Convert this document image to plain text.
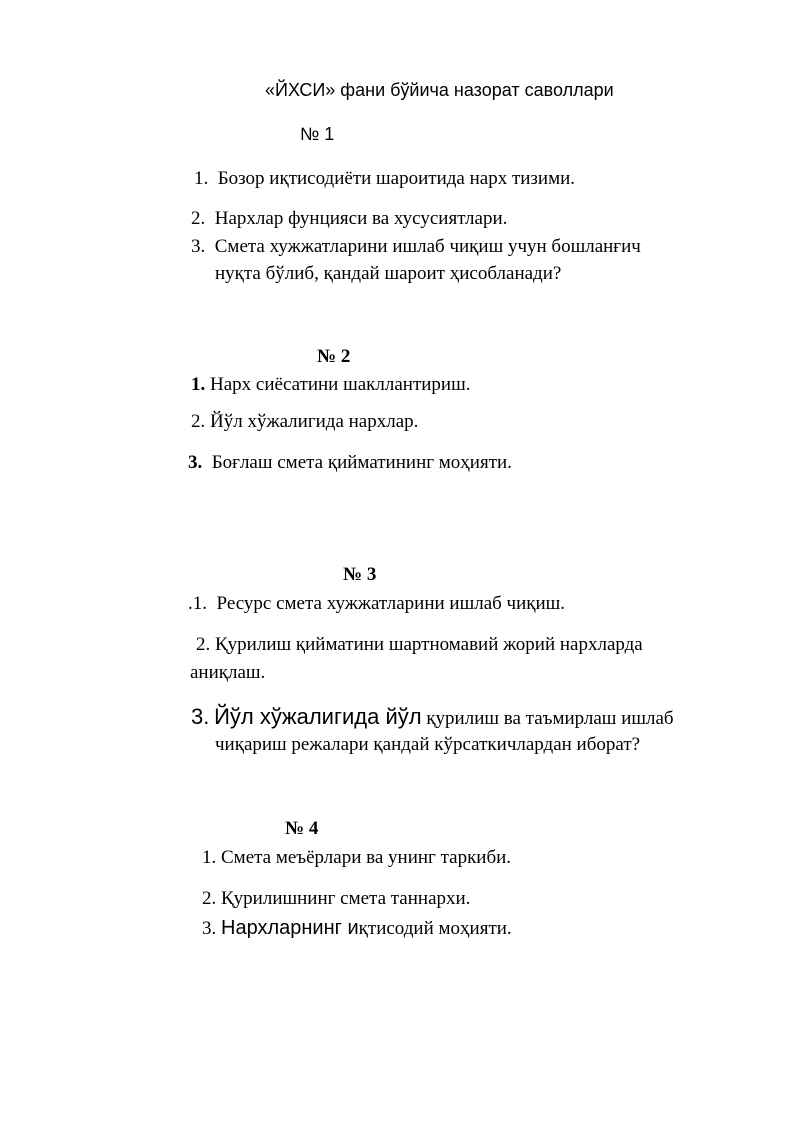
«ЙХСИ» фани бўйича назорат саволлари
№ 1
1. Бозор иқтисодиёти шароитида нарх тизими.
2. Нархлар фунцияси ва хусусиятлари.
3. Смета хужжатларини ишлаб чиқиш учун бошланғич
нуқта бўлиб, қандай шароит ҳисобланади?
№ 2
1. Нарх сиёсатини шакллантириш.
2. Йўл хўжалигида нархлар.
3. Боғлаш смета қийматининг моҳияти.
№ 3
.1. Ресурс смета хужжатларини ишлаб чиқиш.
2. Қурилиш қийматини шартномавий жорий нархларда
аниқлаш.
3. Йўл хўжалигида йўл қурилиш ва таъмирлаш ишлаб
чиқариш режалари қандай кўрсаткичлардан иборат?
№ 4
1. Смета меъёрлари ва унинг таркиби.
2. Қурилишнинг смета таннархи.
3. Нархларнинг иқтисодий моҳияти.
